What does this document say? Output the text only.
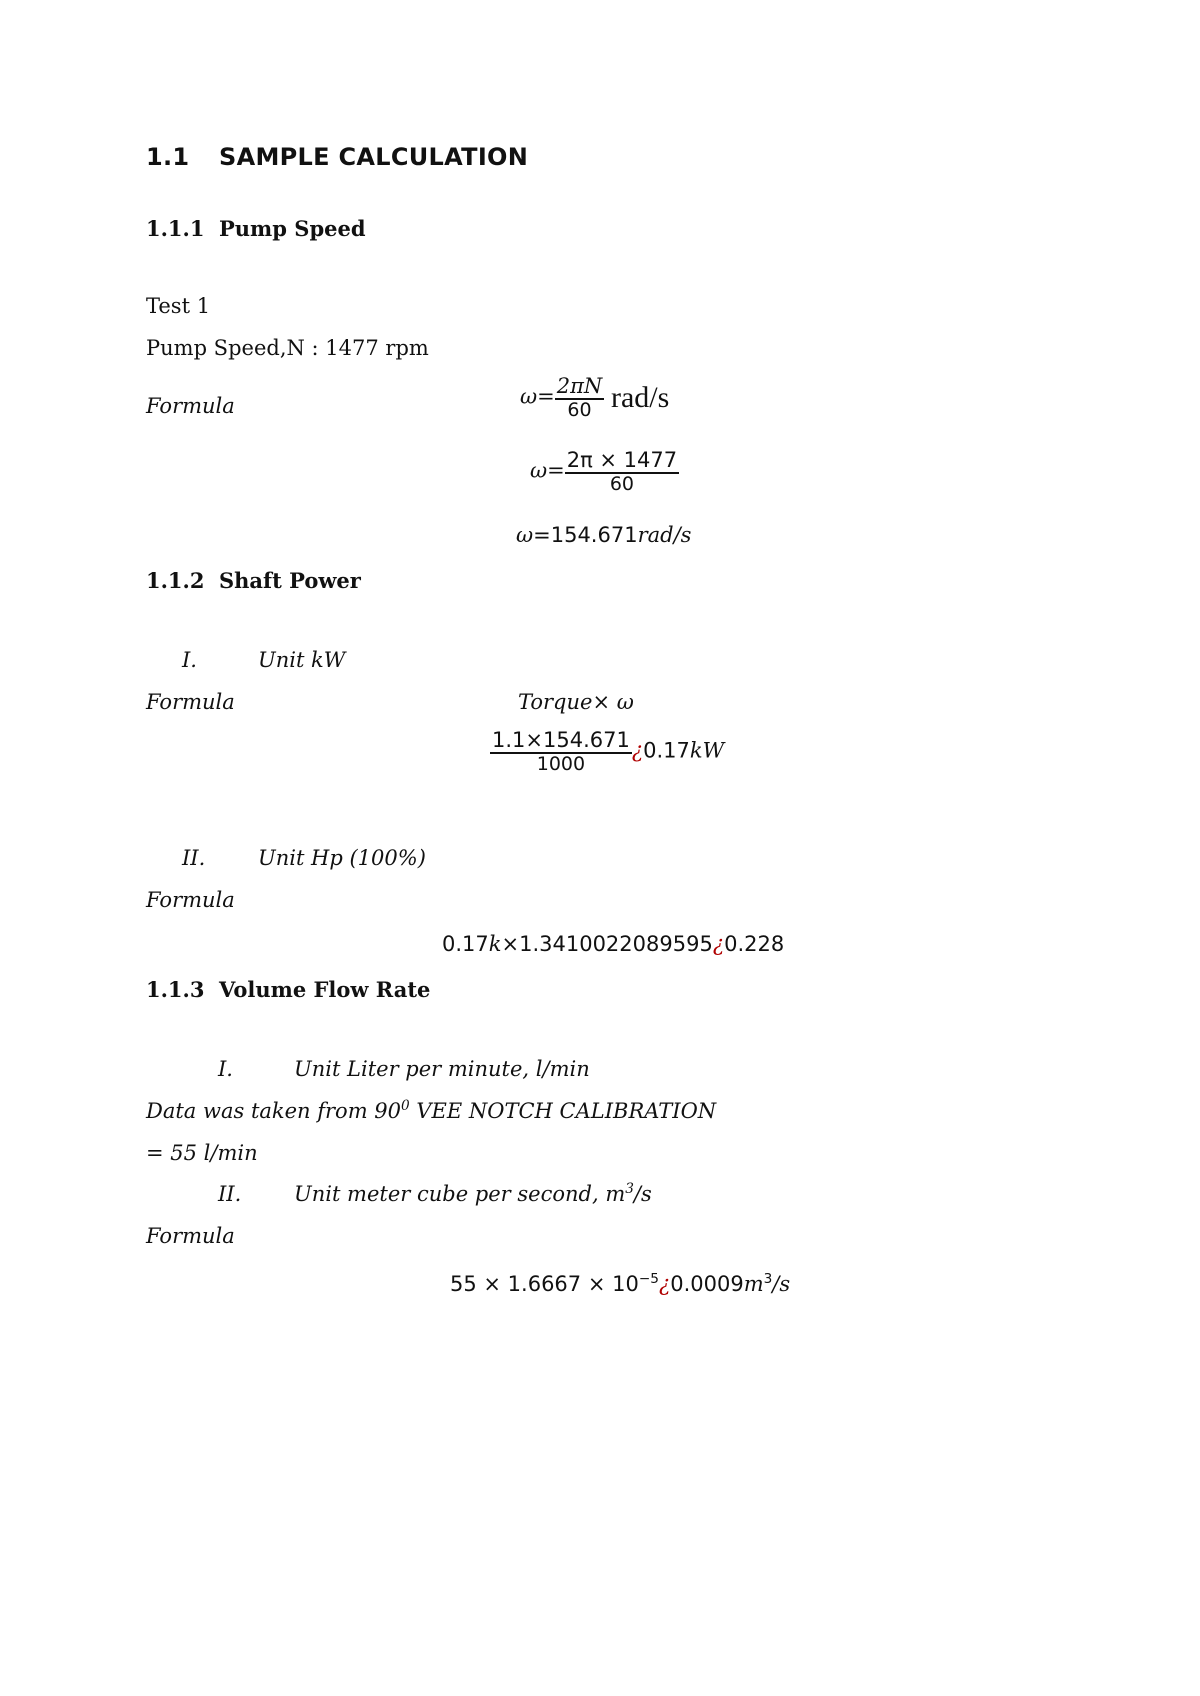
1.1 SAMPLE CALCULATION
1.1.1 Pump Speed
Test 1
Pump Speed,N : 1477 rpm
Formula	$\omega= \frac{2\pi N}{60} rad/s$
$\omega= \frac{2\pi \times 1477}{60}$
ω=154.671rad/s
1.1.2 Shaft Power
I.	Unit kW
Formula	Torque× ω
$\frac{1.1\times 154.671}{1000}$ ¿0.17kW
II.	Unit Hp (100%)
Formula
0.17k×1.3410022089595¿0.228
1.1.3 Volume Flow Rate
I.	Unit Liter per minute, l/min
Data was taken from $90^0$ VEE NOTCH CALIBRATION
= 55 l/min
II.	Unit meter cube per second, $m^3/s$
Formula
$55 \times 1.6667 \times 10^{-5}¿0.0009m^3/s$
